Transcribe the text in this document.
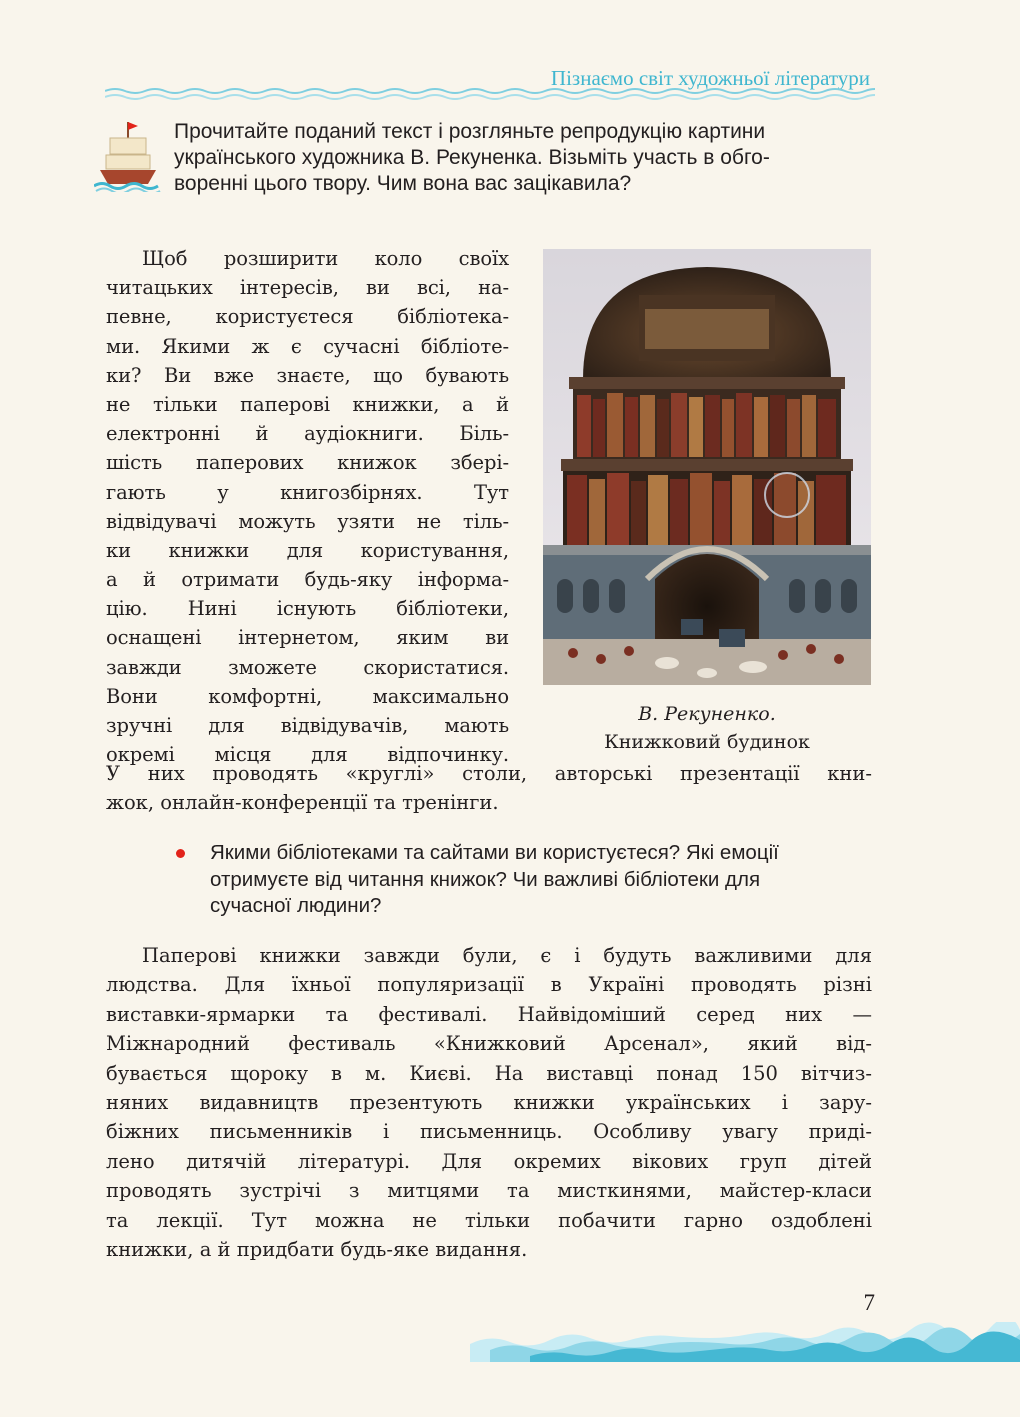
Пізнаємо світ художньої літератури
Прочитайте поданий текст і розгляньте репродукцію картини
українського художника В. Рекуненка. Візьміть участь в обго-
воренні цього твору. Чим вона вас зацікавила?
Щоб розширити коло своїх
читацьких інтересів, ви всі, на-
певне, користуєтеся бібліотека-
ми. Якими ж є сучасні бібліоте-
ки? Ви вже знаєте, що бувають
не тільки паперові книжки, а й
електронні й аудіокниги. Біль-
шість паперових книжок збері-
гають у книгозбірнях. Тут
відвідувачі можуть узяти не тіль-
ки книжки для користування,
а й отримати будь-яку інформа-
цію. Нині існують бібліотеки,
оснащені інтернетом, яким ви
завжди зможете скористатися.
Вони комфортні, максимально
зручні для відвідувачів, мають
окремі місця для відпочинку.
У них проводять «круглі» столи, авторські презентації кни-
жок, онлайн-конференції та тренінги.
В. Рекуненко.
Книжковий будинок
Якими бібліотеками та сайтами ви користуєтеся? Які емоції
отримуєте від читання книжок? Чи важливі бібліотеки для
сучасної людини?
Паперові книжки завжди були, є і будуть важливими для
людства. Для їхньої популяризації в Україні проводять різні
виставки-ярмарки та фестивалі. Найвідоміший серед них —
Міжнародний фестиваль «Книжковий Арсенал», який від-
бувається щороку в м. Києві. На виставці понад 150 вітчиз-
няних видавництв презентують книжки українських і зару-
біжних письменників і письменниць. Особливу увагу приді-
лено дитячій літературі. Для окремих вікових груп дітей
проводять зустрічі з митцями та мисткинями, майстер-класи
та лекції. Тут можна не тільки побачити гарно оздоблені
книжки, а й придбати будь-яке видання.
7
